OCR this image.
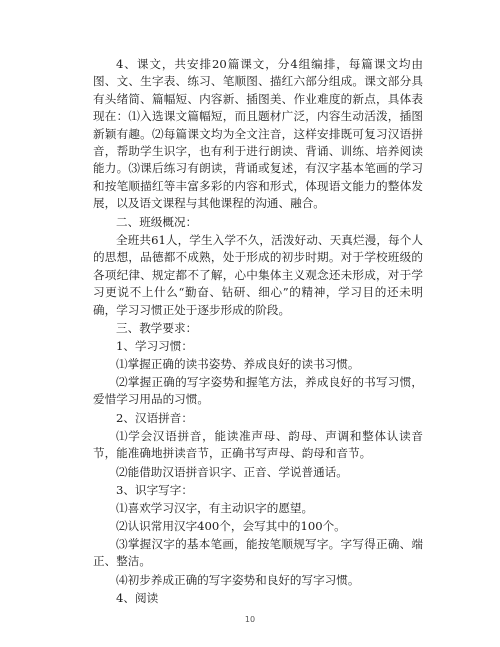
4、课文，共安排20篇课文，分4组编排，每篇课文均由图、文、生字表、练习、笔顺图、描红六部分组成。课文部分具有头绪简、篇幅短、内容新、插图美、作业难度的新点，具体表现在：⑴入选课文篇幅短，而且题材广泛，内容生动活泼，插图新颖有趣。⑵每篇课文均为全文注音，这样安排既可复习汉语拼音，帮助学生识字，也有利于进行朗读、背诵、训练、培养阅读能力。⑶课后练习有朗读，背诵或复述，有汉字基本笔画的学习和按笔顺描红等丰富多彩的内容和形式，体现语文能力的整体发展，以及语文课程与其他课程的沟通、融合。

二、班级概况：

全班共61人，学生入学不久，活泼好动、天真烂漫，每个人的思想，品德都不成熟，处于形成的初步时期。对于学校班级的各项纪律、规定都不了解，心中集体主义观念还未形成，对于学习更说不上什么“勤奋、钻研、细心”的精神，学习目的还未明确，学习习惯正处于逐步形成的阶段。

三、教学要求：

1、学习习惯：

⑴掌握正确的读书姿势、养成良好的读书习惯。

⑵掌握正确的写字姿势和握笔方法，养成良好的书写习惯，爱惜学习用品的习惯。

2、汉语拼音：

⑴学会汉语拼音，能读准声母、韵母、声调和整体认读音节，能准确地拼读音节，正确书写声母、韵母和音节。

⑵能借助汉语拼音识字、正音、学说普通话。

3、识字写字：

⑴喜欢学习汉字，有主动识字的愿望。

⑵认识常用汉字400个，会写其中的100个。

⑶掌握汉字的基本笔画，能按笔顺规写字。字写得正确、端正、整洁。

⑷初步养成正确的写字姿势和良好的写字习惯。

4、阅读

10
